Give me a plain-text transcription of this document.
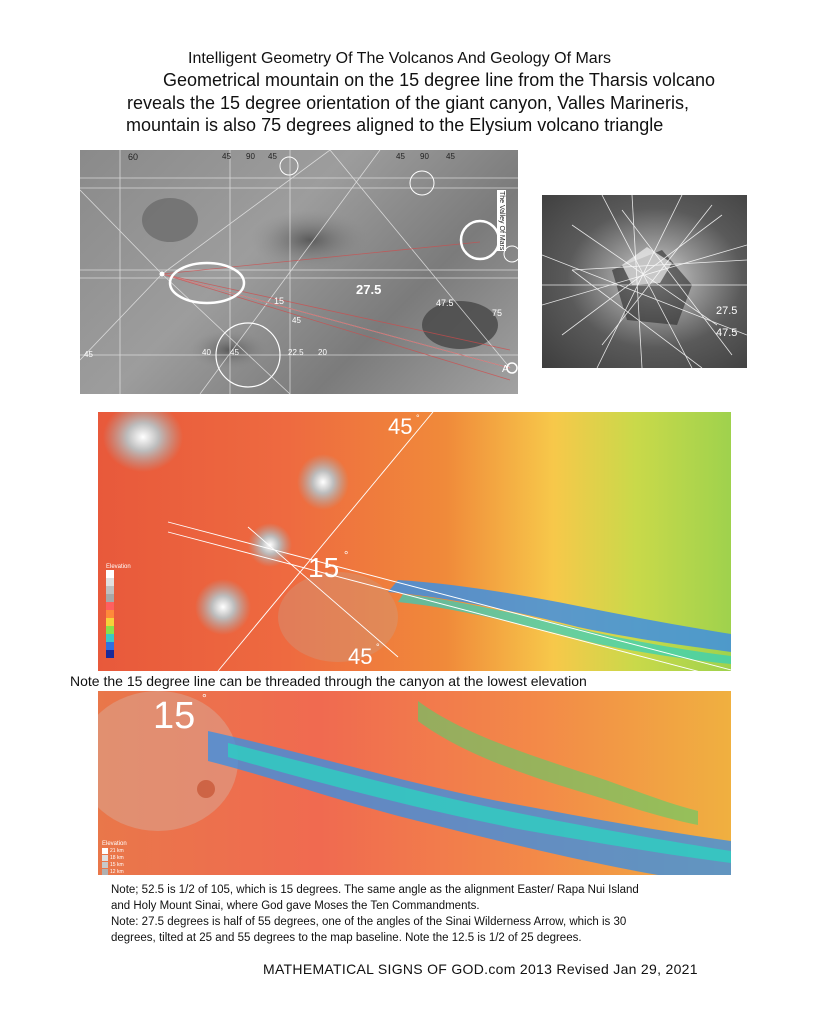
Intelligent Geometry Of The Volcanos And Geology Of Mars
Geometrical mountain on the 15 degree line from the Tharsis volcano
reveals the 15 degree orientation of the giant canyon, Valles Marineris,
mountain is also 75 degrees aligned to the Elysium volcano triangle
60	45 90 45	45 90 45
27.5
47.5
75
15
45
40 45	22.5 20
45
A
The Valley Of Mars
27.5
47.5
Elevation
45 °
15 °
45 °
Note the 15 degree line can be threaded through the canyon at the lowest elevation
Elevation
21 km
18 km
15 km
12 km
15 °
Note; 52.5 is 1/2 of 105, which is 15 degrees. The same angle as the alignment Easter/ Rapa Nui Island
and Holy Mount Sinai, where God gave Moses the Ten Commandments.
Note: 27.5 degrees is half of 55 degrees, one of the angles of the Sinai Wilderness Arrow, which is 30
degrees, tilted at 25 and 55 degrees to the map baseline. Note the 12.5 is 1/2 of 25 degrees.
MATHEMATICAL SIGNS OF GOD.com 2013 Revised Jan 29, 2021
